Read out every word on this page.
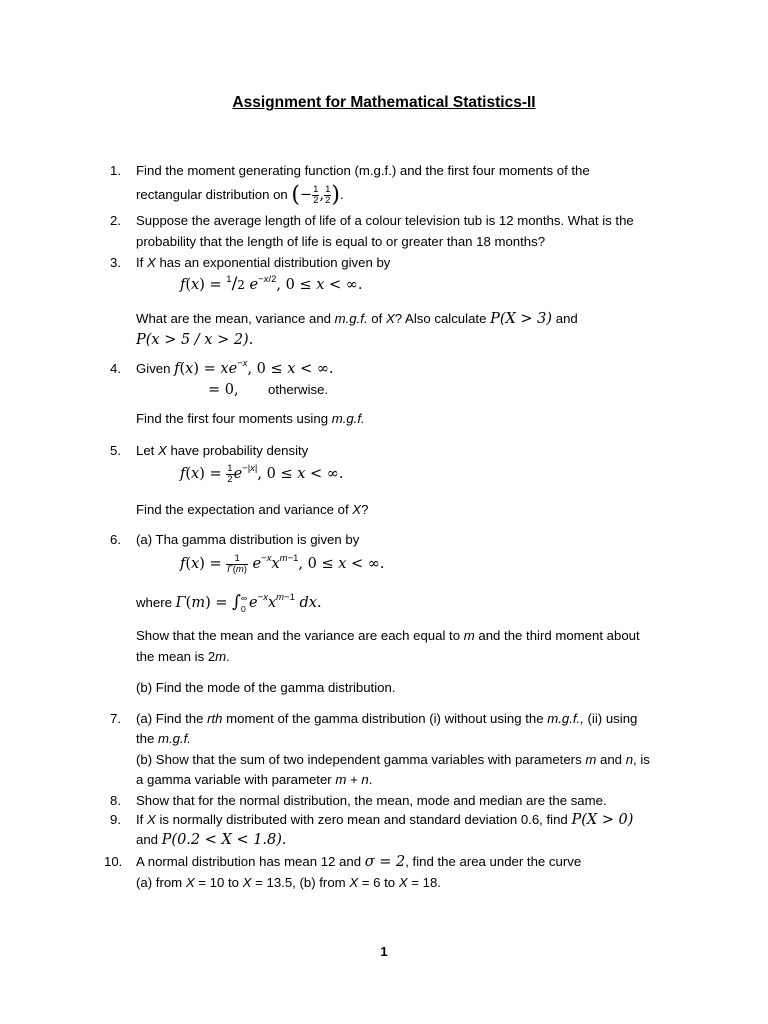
Assignment for Mathematical Statistics-II
1. Find the moment generating function (m.g.f.) and the first four moments of the
rectangular distribution on (− $\frac{1}{2}$ , $\frac{1}{2}$ ).
2. Suppose the average length of life of a colour television tub is 12 months. What is the
probability that the length of life is equal to or greater than 18 months?
3. If X has an exponential distribution given by
f(x) = $^1$/2 $e^{-x/2}$, 0 ≤ x < ∞.
What are the mean, variance and m.g.f. of X? Also calculate P(X > 3) and
P(x > 5 / x > 2).
4. Given $f(x) = xe^{-x}$, 0 ≤ x < ∞.
= 0, otherwise.
Find the first four moments using m.g.f.
5. Let X have probability density
$f(x) = \frac{1}{2} e^{-|x|}$, 0 ≤ x < ∞.
Find the expectation and variance of X?
6. (a) Tha gamma distribution is given by
$f(x) = \frac{1}{\Gamma(m)} e^{-x}x^{m-1}$, 0 ≤ x < ∞.
where Γ(m) = ∫ ∞
0 $e^{-x}x^{m-1}$ dx.
Show that the mean and the variance are each equal to m and the third moment about
the mean is 2m.
(b) Find the mode of the gamma distribution.
7. (a) Find the rth moment of the gamma distribution (i) without using the m.g.f., (ii) using
the m.g.f.
(b) Show that the sum of two independent gamma variables with parameters m and n, is
a gamma variable with parameter m + n.
8. Show that for the normal distribution, the mean, mode and median are the same.
9. If X is normally distributed with zero mean and standard deviation 0.6, find P(X > 0)
and P(0.2 < X < 1.8).
10. A normal distribution has mean 12 and σ = 2, find the area under the curve
(a) from X = 10 to X = 13.5, (b) from X = 6 to X = 18.
1
